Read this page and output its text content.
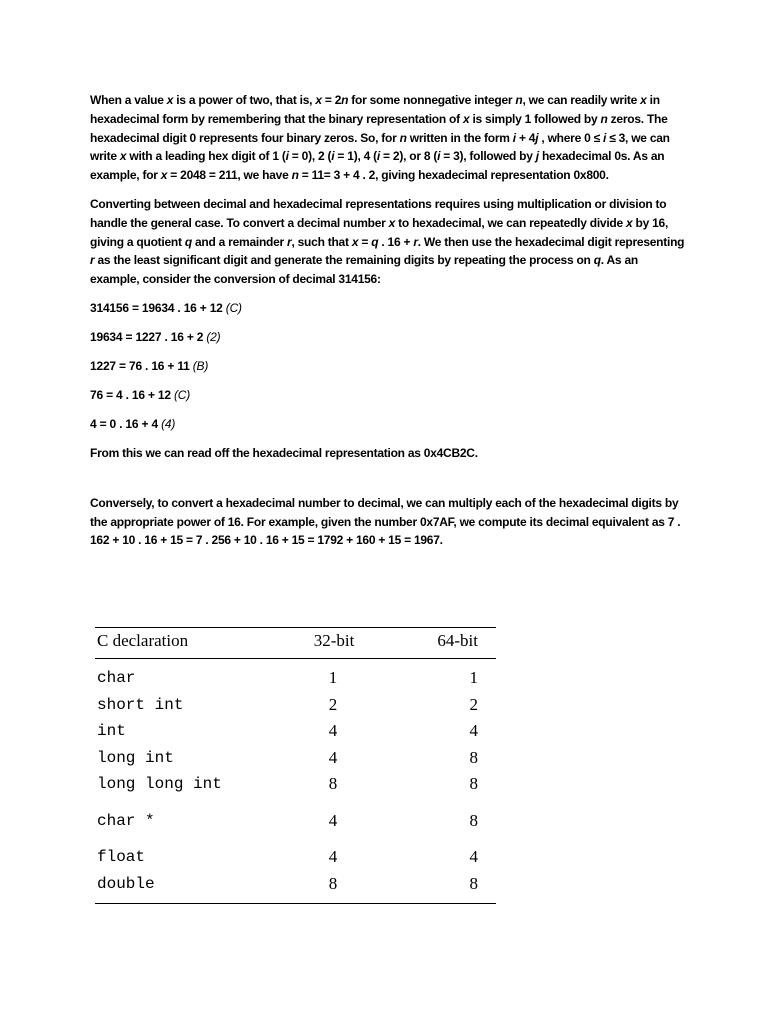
When a value x is a power of two, that is, x = 2n for some nonnegative integer n, we can readily write x in hexadecimal form by remembering that the binary representation of x is simply 1 followed by n zeros. The hexadecimal digit 0 represents four binary zeros. So, for n written in the form i + 4j , where 0 ≤ i ≤ 3, we can write x with a leading hex digit of 1 (i = 0), 2 (i = 1), 4 (i = 2), or 8 (i = 3), followed by j hexadecimal 0s. As an example, for x = 2048 = 211, we have n = 11= 3 + 4 . 2, giving hexadecimal representation 0x800.

Converting between decimal and hexadecimal representations requires using multiplication or division to handle the general case. To convert a decimal number x to hexadecimal, we can repeatedly divide x by 16, giving a quotient q and a remainder r, such that x = q . 16 + r. We then use the hexadecimal digit representing r as the least significant digit and generate the remaining digits by repeating the process on q. As an example, consider the conversion of decimal 314156:

314156 = 19634 . 16 + 12 (C)

19634 = 1227 . 16 + 2 (2)

1227 = 76 . 16 + 11 (B)

76 = 4 . 16 + 12 (C)

4 = 0 . 16 + 4 (4)

From this we can read off the hexadecimal representation as 0x4CB2C.

Conversely, to convert a hexadecimal number to decimal, we can multiply each of the hexadecimal digits by the appropriate power of 16. For example, given the number 0x7AF, we compute its decimal equivalent as 7 . 162 + 10 . 16 + 15 = 7 . 256 + 10 . 16 + 15 = 1792 + 160 + 15 = 1967.

C declaration	32-bit	64-bit
char	1	1
short int	2	2
int	4	4
long int	4	8
long long int	8	8
char *	4	8
float	4	4
double	8	8
